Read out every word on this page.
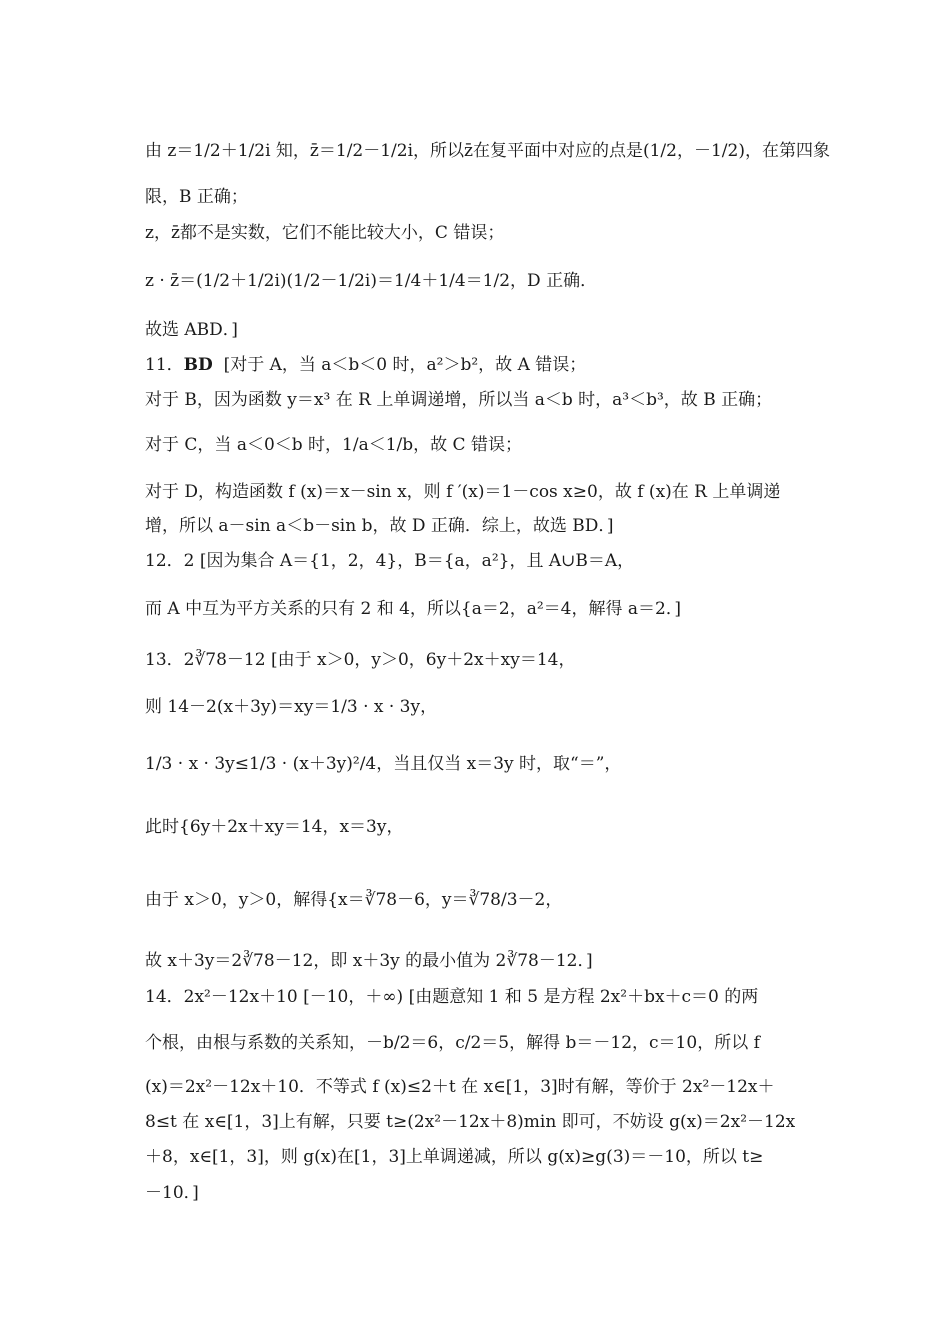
由 z＝1/2＋1/2i 知，z̄＝1/2－1/2i，所以z̄在复平面中对应的点是(1/2，－1/2)，在第四象
限，B 正确；
z，z̄都不是实数，它们不能比较大小，C 错误；
z · z̄＝(1/2＋1/2i)(1/2－1/2i)＝1/4＋1/4＝1/2，D 正确．
故选 ABD．]
11．BD [对于 A，当 a＜b＜0 时，a²＞b²，故 A 错误；
对于 B，因为函数 y＝x³ 在 R 上单调递增，所以当 a＜b 时，a³＜b³，故 B 正确；
对于 C，当 a＜0＜b 时，1/a＜1/b，故 C 错误；
对于 D，构造函数 f (x)＝x－sin x，则 f ′(x)＝1－cos x≥0，故 f (x)在 R 上单调递
增，所以 a－sin a＜b－sin b，故 D 正确．综上，故选 BD．]
12．2 [因为集合 A＝{1，2，4}，B＝{a，a²}，且 A∪B＝A，
而 A 中互为平方关系的只有 2 和 4，所以{a＝2，a²＝4，解得 a＝2．]
13．2∛78－12 [由于 x＞0，y＞0，6y＋2x＋xy＝14，
则 14－2(x＋3y)＝xy＝1/3 · x · 3y，
1/3 · x · 3y≤1/3 · (x＋3y)²/4，当且仅当 x＝3y 时，取“＝”，
此时{6y＋2x＋xy＝14，x＝3y，
由于 x＞0，y＞0，解得{x＝∛78－6，y＝∛78/3－2，
故 x＋3y＝2∛78－12，即 x＋3y 的最小值为 2∛78－12．]
14．2x²－12x＋10 [－10，＋∞) [由题意知 1 和 5 是方程 2x²＋bx＋c＝0 的两
个根，由根与系数的关系知，－b/2＝6，c/2＝5，解得 b＝－12，c＝10，所以 f
(x)＝2x²－12x＋10．不等式 f (x)≤2＋t 在 x∈[1，3]时有解，等价于 2x²－12x＋
8≤t 在 x∈[1，3]上有解，只要 t≥(2x²－12x＋8)min 即可，不妨设 g(x)＝2x²－12x
＋8，x∈[1，3]，则 g(x)在[1，3]上单调递减，所以 g(x)≥g(3)＝－10，所以 t≥
－10．]
